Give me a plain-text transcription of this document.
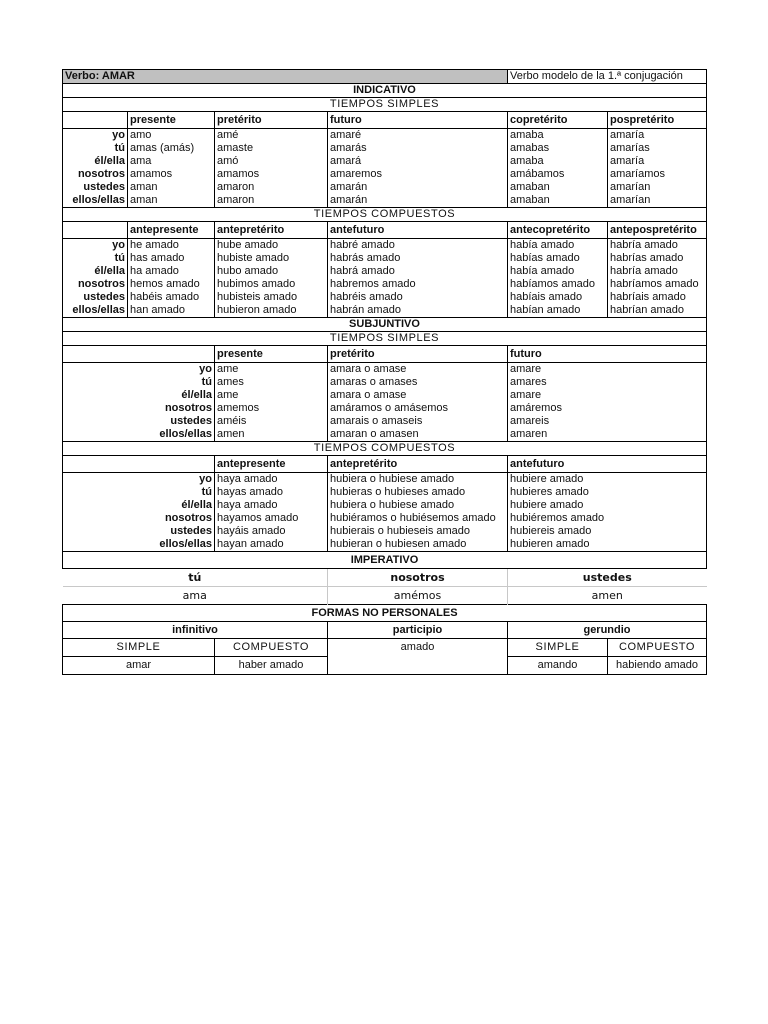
Verbo: AMAR				Verbo modelo de la 1.ª conjugación	
INDICATIVO					
TIEMPOS SIMPLES					
	presente	pretérito	futuro	copretérito	pospretérito
yo	amo	amé	amaré	amaba	amaría
tú	amas (amás)	amaste	amarás	amabas	amarías
él/ella	ama	amó	amará	amaba	amaría
nosotros	amamos	amamos	amaremos	amábamos	amaríamos
ustedes	aman	amaron	amarán	amaban	amarían
ellos/ellas	aman	amaron	amarán	amaban	amarían
TIEMPOS COMPUESTOS					
	antepresente	antepretérito	antefuturo	antecopretérito	antepospretérito
yo	he amado	hube amado	habré amado	había amado	habría amado
tú	has amado	hubiste amado	habrás amado	habías amado	habrías amado
él/ella	ha amado	hubo amado	habrá amado	había amado	habría amado
nosotros	hemos amado	hubimos amado	habremos amado	habíamos amado	habríamos amado
ustedes	habéis amado	hubisteis amado	habréis amado	habíais amado	habríais amado
ellos/ellas	han amado	hubieron amado	habrán amado	habían amado	habrían amado
SUBJUNTIVO					
TIEMPOS SIMPLES					
		presente	pretérito	futuro	
yo		ame	amara o amase	amare	
tú		ames	amaras o amases	amares	
él/ella		ame	amara o amase	amare	
nosotros		amemos	amáramos o amásemos	amáremos	
ustedes		améis	amarais o amaseis	amareis	
ellos/ellas		amen	amaran o amasen	amaren	
TIEMPOS COMPUESTOS					
		antepresente	antepretérito	antefuturo	
yo		haya amado	hubiera o hubiese amado	hubiere amado	
tú		hayas amado	hubieras o hubieses amado	hubieres amado	
él/ella		haya amado	hubiera o hubiese amado	hubiere amado	
nosotros		hayamos amado	hubiéramos o hubiésemos amado	hubiéremos amado	
ustedes		hayáis amado	hubierais o hubieseis amado	hubiereis amado	
ellos/ellas		hayan amado	hubieran o hubiesen amado	hubieren amado	
IMPERATIVO					
tú			nosotros	ustedes	
ama			amémos	amen	
FORMAS NO PERSONALES					
infinitivo			participio	gerundio	
SIMPLE		COMPUESTO	amado	SIMPLE	COMPUESTO
amar		haber amado		amando	habiendo amado
